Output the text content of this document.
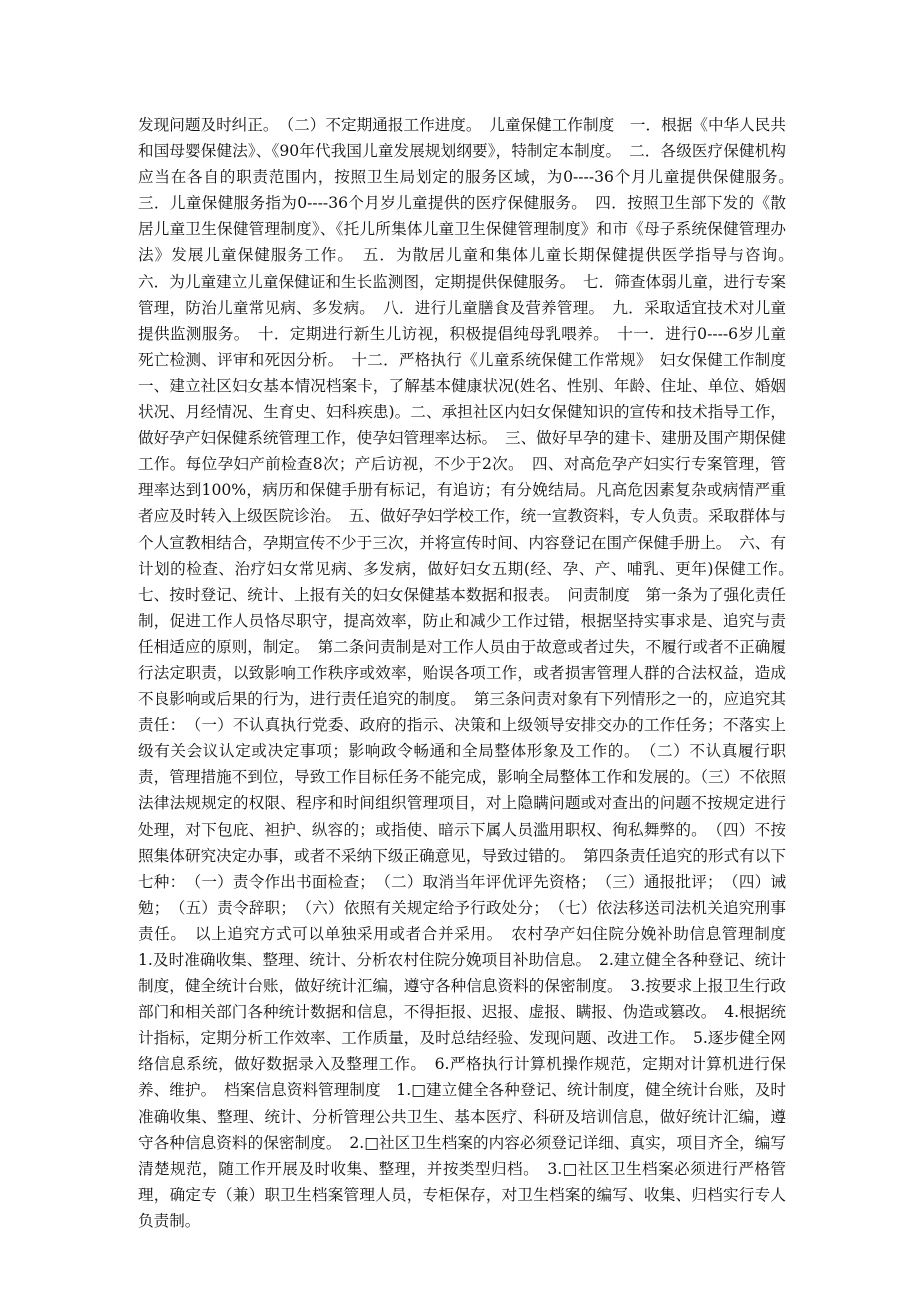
发现问题及时纠正。　（二）不定期通报工作进度。　儿童保健工作制度　一．根据《中华人民共和国母婴保健法》、《90年代我国儿童发展规划纲要》，特制定本制度。　二．各级医疗保健机构应当在各自的职责范围内，按照卫生局划定的服务区域，为0----36个月儿童提供保健服务。　三．儿童保健服务指为0----36个月岁儿童提供的医疗保健服务。　四．按照卫生部下发的《散居儿童卫生保健管理制度》、《托儿所集体儿童卫生保健管理制度》和市《母子系统保健管理办法》发展儿童保健服务工作。　五．为散居儿童和集体儿童长期保健提供医学指导与咨询。　六．为儿童建立儿童保健证和生长监测图，定期提供保健服务。　七．筛查体弱儿童，进行专案管理，防治儿童常见病、多发病。　八．进行儿童膳食及营养管理。　九．采取适宜技术对儿童提供监测服务。　十．定期进行新生儿访视，积极提倡纯母乳喂养。　十一．进行0----6岁儿童死亡检测、评审和死因分析。　十二．严格执行《儿童系统保健工作常规》　妇女保健工作制度　一、建立社区妇女基本情况档案卡，了解基本健康状况(姓名、性别、年龄、住址、单位、婚姻状况、月经情况、生育史、妇科疾患)。二、承担社区内妇女保健知识的宣传和技术指导工作，做好孕产妇保健系统管理工作，使孕妇管理率达标。　三、做好早孕的建卡、建册及围产期保健工作。每位孕妇产前检查8次；产后访视，不少于2次。　四、对高危孕产妇实行专案管理，管理率达到100%，病历和保健手册有标记，有追访；有分娩结局。凡高危因素复杂或病情严重者应及时转入上级医院诊治。　五、做好孕妇学校工作，统一宣教资料，专人负责。采取群体与个人宣教相结合，孕期宣传不少于三次，并将宣传时间、内容登记在围产保健手册上。　六、有计划的检查、治疗妇女常见病、多发病，做好妇女五期(经、孕、产、哺乳、更年)保健工作。　七、按时登记、统计、上报有关的妇女保健基本数据和报表。　问责制度　第一条为了强化责任制，促进工作人员恪尽职守，提高效率，防止和减少工作过错，根据坚持实事求是、追究与责任相适应的原则，制定。　第二条问责制是对工作人员由于故意或者过失，不履行或者不正确履行法定职责，以致影响工作秩序或效率，贻误各项工作，或者损害管理人群的合法权益，造成不良影响或后果的行为，进行责任追究的制度。　第三条问责对象有下列情形之一的，应追究其责任：　（一）不认真执行党委、政府的指示、决策和上级领导安排交办的工作任务；不落实上级有关会议认定或决定事项；影响政令畅通和全局整体形象及工作的。　（二）不认真履行职责，管理措施不到位，导致工作目标任务不能完成，影响全局整体工作和发展的。（三）不依照法律法规规定的权限、程序和时间组织管理项目，对上隐瞒问题或对查出的问题不按规定进行处理，对下包庇、袒护、纵容的；或指使、暗示下属人员滥用职权、徇私舞弊的。　（四）不按照集体研究决定办事，或者不采纳下级正确意见，导致过错的。　第四条责任追究的形式有以下七种：　（一）责令作出书面检查；　（二）取消当年评优评先资格；　（三）通报批评；　（四）诫勉；　（五）责令辞职；　（六）依照有关规定给予行政处分；　（七）依法移送司法机关追究刑事责任。　以上追究方式可以单独采用或者合并采用。　农村孕产妇住院分娩补助信息管理制度　1.及时准确收集、整理、统计、分析农村住院分娩项目补助信息。　2.建立健全各种登记、统计制度，健全统计台账，做好统计汇编，遵守各种信息资料的保密制度。　3.按要求上报卫生行政部门和相关部门各种统计数据和信息，不得拒报、迟报、虚报、瞒报、伪造或篡改。　4.根据统计指标，定期分析工作效率、工作质量，及时总结经验、发现问题、改进工作。　5.逐步健全网络信息系统，做好数据录入及整理工作。　6.严格执行计算机操作规范，定期对计算机进行保养、维护。　档案信息资料管理制度　1.□建立健全各种登记、统计制度，健全统计台账，及时准确收集、整理、统计、分析管理公共卫生、基本医疗、科研及培训信息，做好统计汇编，遵守各种信息资料的保密制度。　2.□社区卫生档案的内容必须登记详细、真实，项目齐全，编写清楚规范，随工作开展及时收集、整理，并按类型归档。　3.□社区卫生档案必须进行严格管理，确定专（兼）职卫生档案管理人员，专柜保存，对卫生档案的编写、收集、归档实行专人负责制。
